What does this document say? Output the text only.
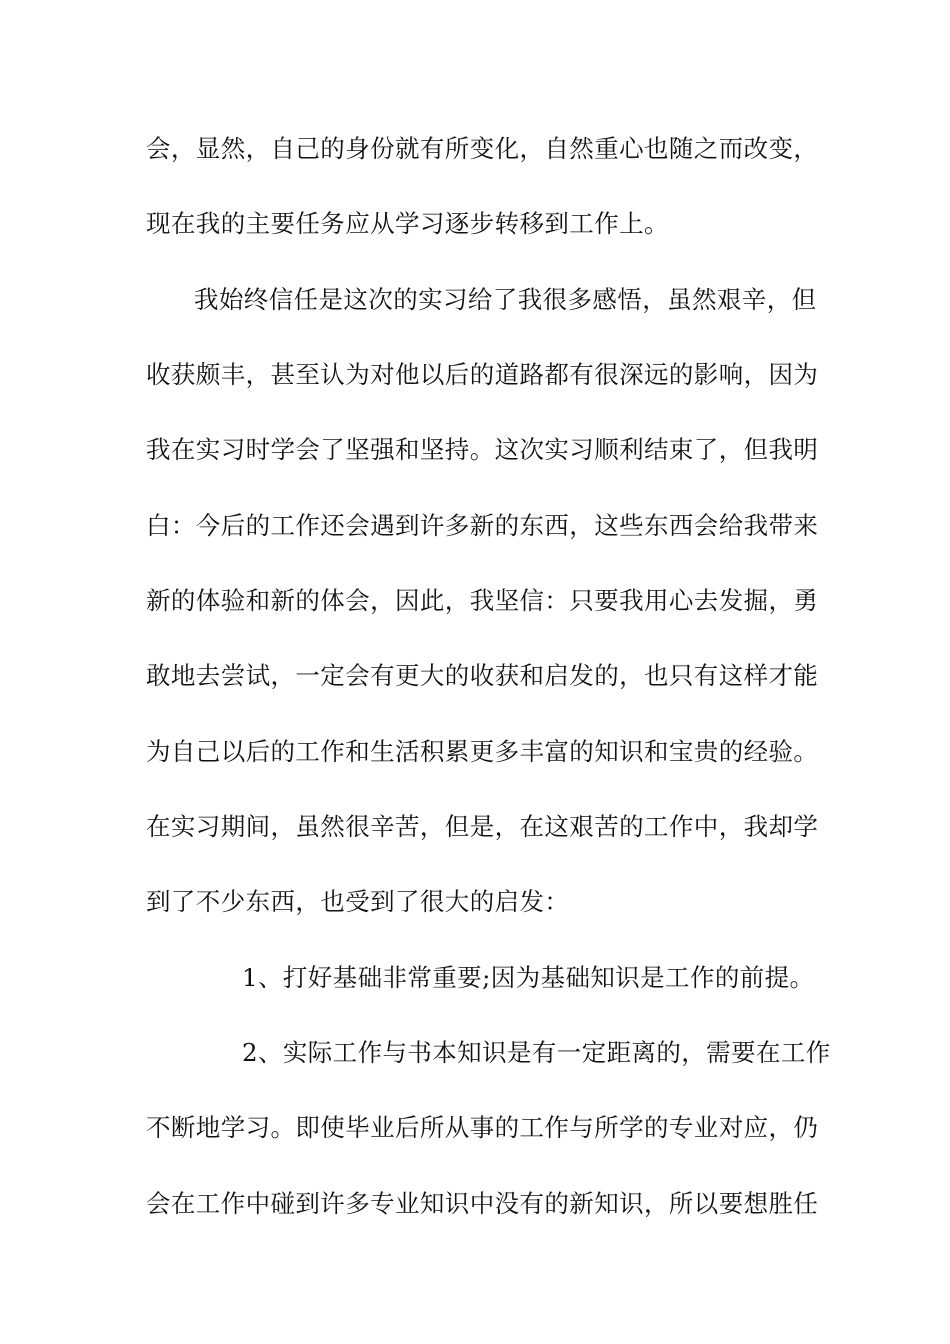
会，显然，自己的身份就有所变化，自然重心也随之而改变，
现在我的主要任务应从学习逐步转移到工作上。
我始终信任是这次的实习给了我很多感悟，虽然艰辛，但
收获颇丰，甚至认为对他以后的道路都有很深远的影响，因为
我在实习时学会了坚强和坚持。这次实习顺利结束了，但我明
白：今后的工作还会遇到许多新的东西，这些东西会给我带来
新的体验和新的体会，因此，我坚信：只要我用心去发掘，勇
敢地去尝试，一定会有更大的收获和启发的，也只有这样才能
为自己以后的工作和生活积累更多丰富的知识和宝贵的经验。
在实习期间，虽然很辛苦，但是，在这艰苦的工作中，我却学
到了不少东西，也受到了很大的启发：
1、打好基础非常重要;因为基础知识是工作的前提。
2、实际工作与书本知识是有一定距离的，需要在工作
不断地学习。即使毕业后所从事的工作与所学的专业对应，仍
会在工作中碰到许多专业知识中没有的新知识，所以要想胜任
